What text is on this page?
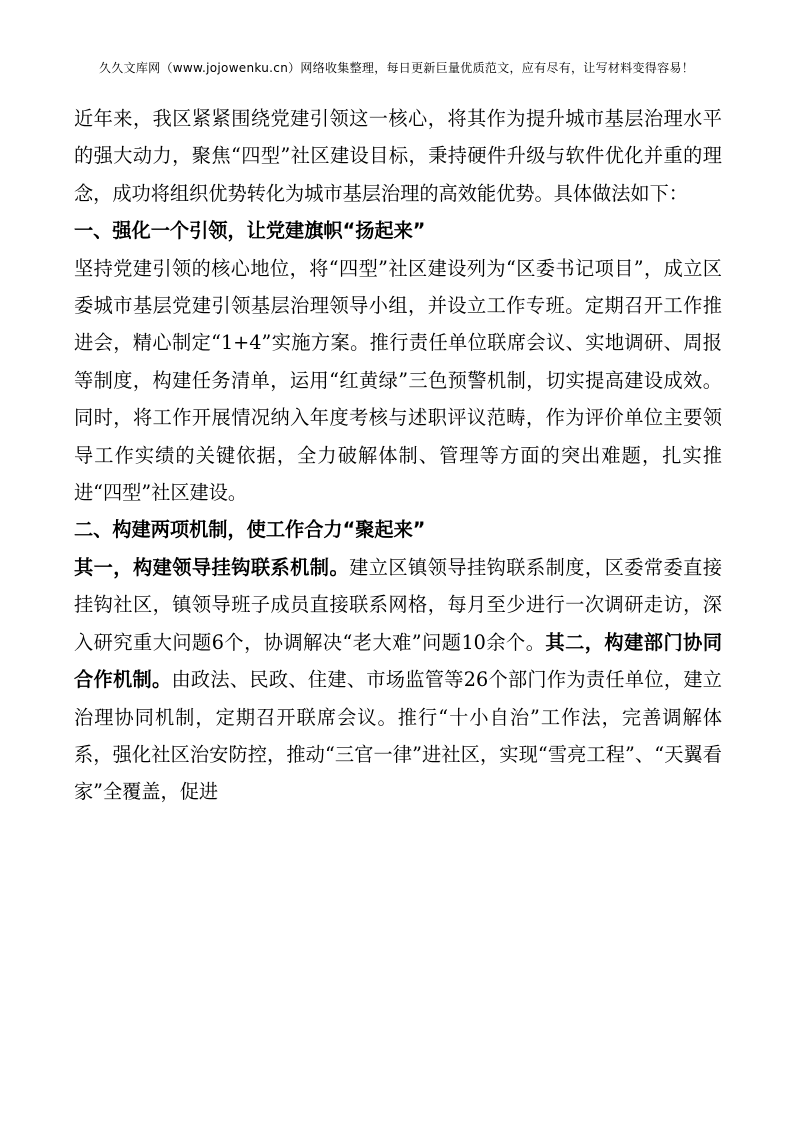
久久文库网（www.jojowenku.cn）网络收集整理，每日更新巨量优质范文，应有尽有，让写材料变得容易！

近年来，我区紧紧围绕党建引领这一核心，将其作为提升城市基层治理水平的强大动力，聚焦“四型”社区建设目标，秉持硬件升级与软件优化并重的理念，成功将组织优势转化为城市基层治理的高效能优势。具体做法如下：

一、强化一个引领，让党建旗帜“扬起来”

坚持党建引领的核心地位，将“四型”社区建设列为“区委书记项目”，成立区委城市基层党建引领基层治理领导小组，并设立工作专班。定期召开工作推进会，精心制定“1+4”实施方案。推行责任单位联席会议、实地调研、周报等制度，构建任务清单，运用“红黄绿”三色预警机制，切实提高建设成效。同时，将工作开展情况纳入年度考核与述职评议范畴，作为评价单位主要领导工作实绩的关键依据，全力破解体制、管理等方面的突出难题，扎实推进“四型”社区建设。

二、构建两项机制，使工作合力“聚起来”

其一，构建领导挂钩联系机制。建立区镇领导挂钩联系制度，区委常委直接挂钩社区，镇领导班子成员直接联系网格，每月至少进行一次调研走访，深入研究重大问题6个，协调解决“老大难”问题10余个。其二，构建部门协同合作机制。由政法、民政、住建、市场监管等26个部门作为责任单位，建立治理协同机制，定期召开联席会议。推行“十小自治”工作法，完善调解体系，强化社区治安防控，推动“三官一律”进社区，实现“雪亮工程”、“天翼看家”全覆盖，促进
